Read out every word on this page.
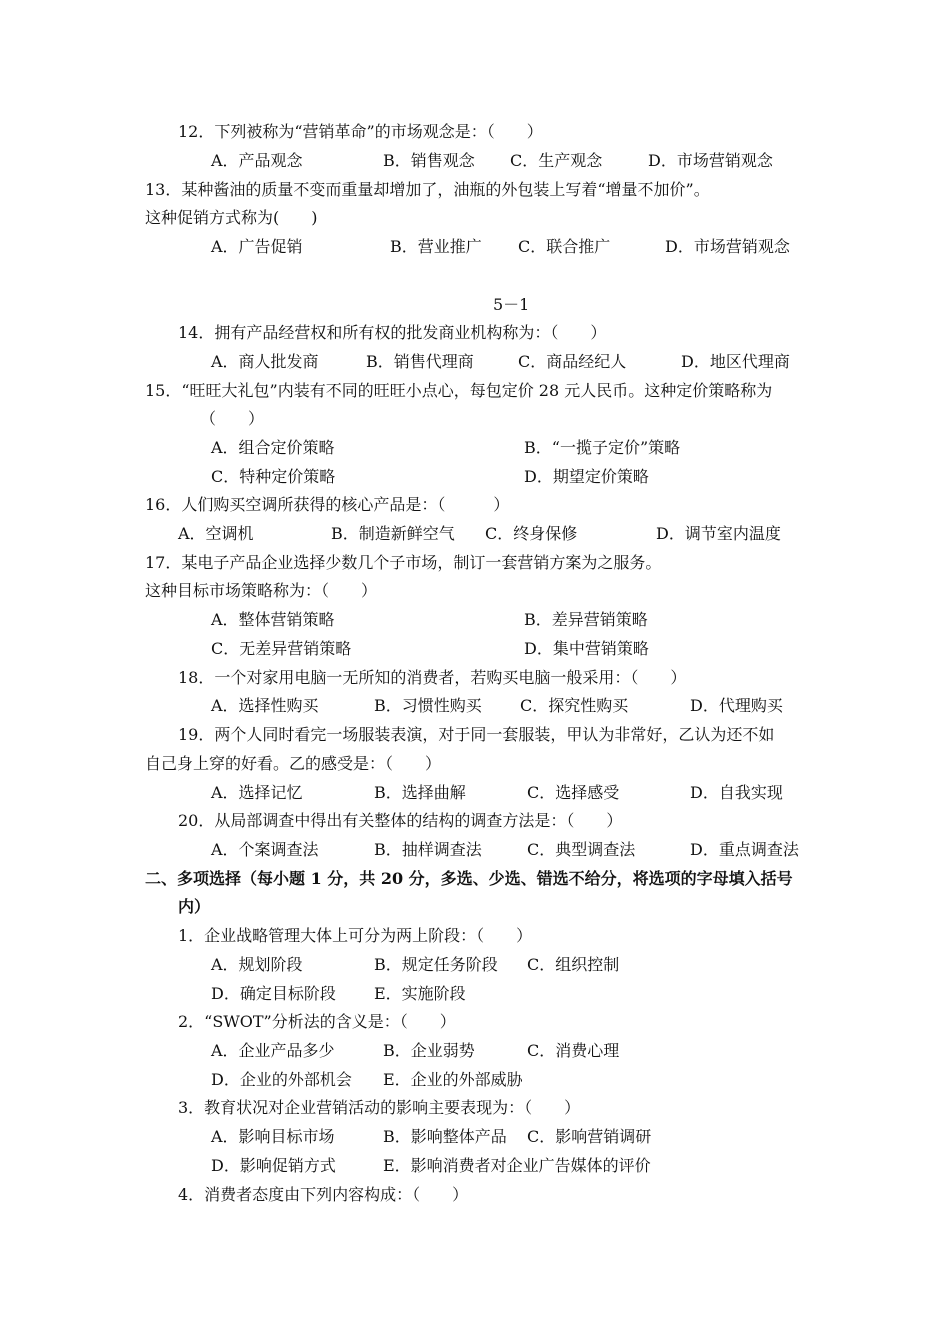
12．下列被称为“营销革命”的市场观念是：（　　）
A．产品观念	B．销售观念 C．生产观念	D．市场营销观念
13．某种酱油的质量不变而重量却增加了，油瓶的外包装上写着“增量不加价”。
这种促销方式称为(　　)
A．广告促销	B．营业推广 C．联合推广	D．市场营销观念
5－1
14．拥有产品经营权和所有权的批发商业机构称为：（　　）
A．商人批发商	B．销售代理商	C．商品经纪人	D．地区代理商
15．“旺旺大礼包”内装有不同的旺旺小点心，每包定价 28 元人民币。这种定价策略称为
（　　）
A．组合定价策略	B．“一揽子定价”策略
C．特种定价策略	D．期望定价策略
16．人们购买空调所获得的核心产品是：（　　　）
A．空调机	B．制造新鲜空气 C．终身保修	D．调节室内温度
17．某电子产品企业选择少数几个子市场，制订一套营销方案为之服务。
这种目标市场策略称为：（　　）
A．整体营销策略	B．差异营销策略
C．无差异营销策略	D．集中营销策略
18．一个对家用电脑一无所知的消费者，若购买电脑一般采用：（　　）
A．选择性购买	B．习惯性购买 C．探究性购买	D．代理购买
19．两个人同时看完一场服装表演，对于同一套服装，甲认为非常好，乙认为还不如
自己身上穿的好看。乙的感受是：（　　）
A．选择记忆	B．选择曲解	C．选择感受	D．自我实现
20．从局部调查中得出有关整体的结构的调查方法是：（　　）
A．个案调查法	B．抽样调查法	C．典型调查法	D．重点调查法
二、多项选择（每小题 1 分，共 20 分，多选、少选、错选不给分，将选项的字母填入括号
内）
1．企业战略管理大体上可分为两上阶段：（　　）
A．规划阶段	B．规定任务阶段 C．组织控制
D．确定目标阶段 E．实施阶段
2．“SWOT”分析法的含义是：（　　）
A．企业产品多少	B．企业弱势	C．消费心理
D．企业的外部机会 E．企业的外部威胁
3．教育状况对企业营销活动的影响主要表现为：（　　）
A．影响目标市场	B．影响整体产品 C．影响营销调研
D．影响促销方式	E．影响消费者对企业广告媒体的评价
4．消费者态度由下列内容构成：（　　）
